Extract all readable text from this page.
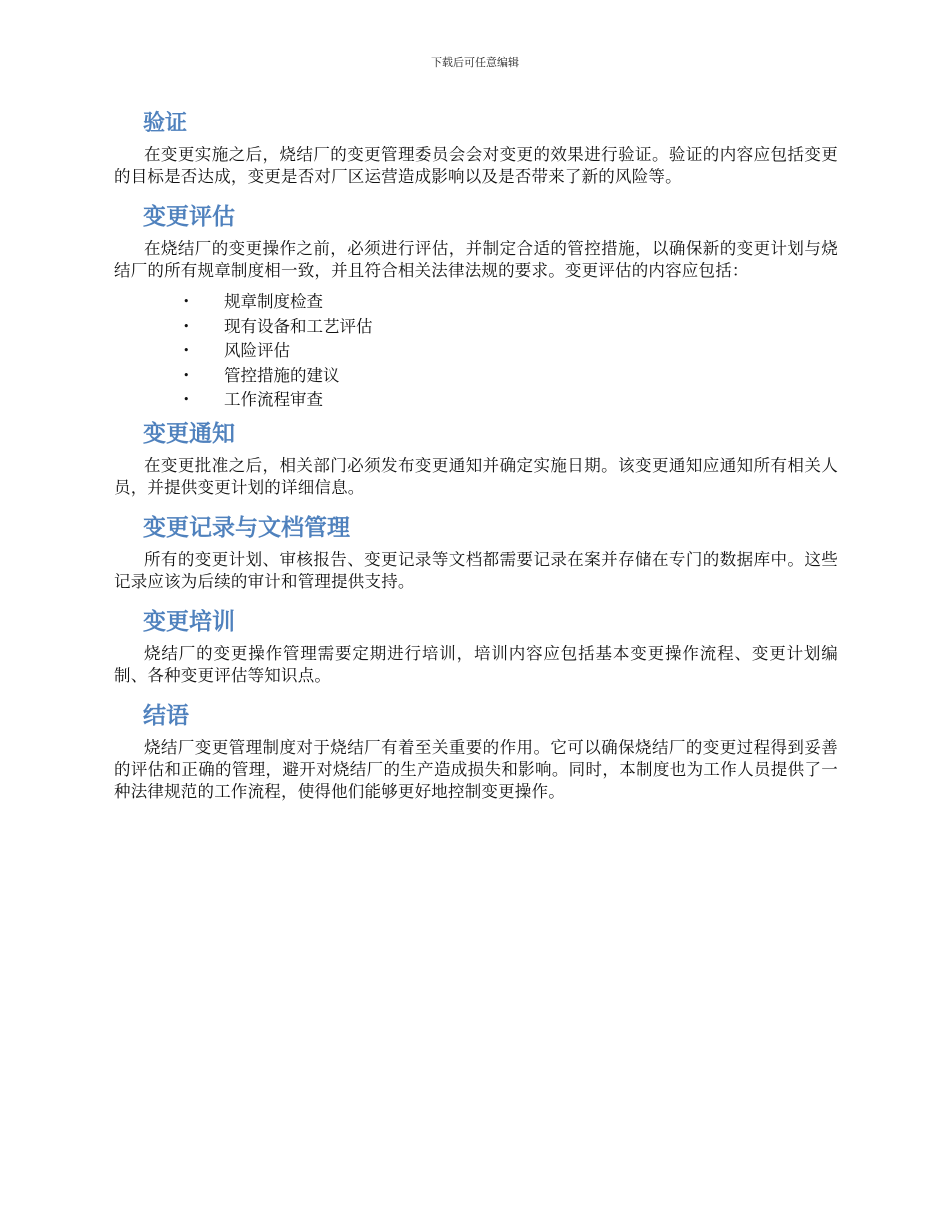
下载后可任意编辑
验证

在变更实施之后，烧结厂的变更管理委员会会对变更的效果进行验证。验证的内容应包括变更的目标是否达成，变更是否对厂区运营造成影响以及是否带来了新的风险等。

变更评估

在烧结厂的变更操作之前，必须进行评估，并制定合适的管控措施，以确保新的变更计划与烧结厂的所有规章制度相一致，并且符合相关法律法规的要求。变更评估的内容应包括：

• 规章制度检查
• 现有设备和工艺评估
• 风险评估
• 管控措施的建议
• 工作流程审查
变更通知

在变更批准之后，相关部门必须发布变更通知并确定实施日期。该变更通知应通知所有相关人员，并提供变更计划的详细信息。

变更记录与文档管理

所有的变更计划、审核报告、变更记录等文档都需要记录在案并存储在专门的数据库中。这些记录应该为后续的审计和管理提供支持。

变更培训

烧结厂的变更操作管理需要定期进行培训，培训内容应包括基本变更操作流程、变更计划编制、各种变更评估等知识点。

结语

烧结厂变更管理制度对于烧结厂有着至关重要的作用。它可以确保烧结厂的变更过程得到妥善的评估和正确的管理，避开对烧结厂的生产造成损失和影响。同时，本制度也为工作人员提供了一种法律规范的工作流程，使得他们能够更好地控制变更操作。
